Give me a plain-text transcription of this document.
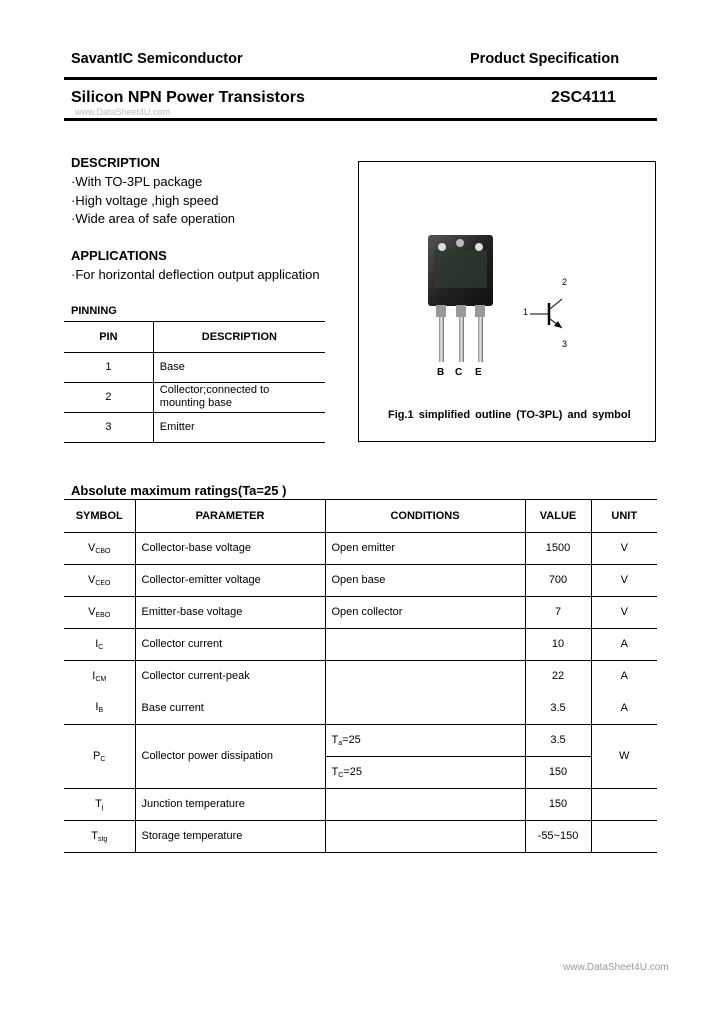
SavantIC Semiconductor	Product Specification
Silicon NPN Power Transistors	2SC4111
www.DataSheet4U.com
DESCRIPTION
·With TO-3PL package
·High voltage ,high speed
·Wide area of safe operation
APPLICATIONS
·For horizontal deflection output application
PINNING
PIN	DESCRIPTION
1	Base
2	Collector;connected to mounting base

3	Emitter
B C E
1
2
3
Fig.1 simplified outline (TO-3PL) and symbol
Absolute maximum ratings(Ta=25 )
SYMBOL	PARAMETER	CONDITIONS	VALUE	UNIT
$V_{CBO}$	Collector-base voltage	Open emitter	1500	V
$V_{CEO}$	Collector-emitter voltage	Open base	700	V
$V_{EBO}$	Emitter-base voltage	Open collector	7	V
$I_C$	Collector current		10	A
$I_{CM}$	Collector current-peak		22	A
$I_B$	Base current		3.5	A
$P_C$	Collector power dissipation	$T_a=25$	3.5	W
		$T_C=25$	150	
$T_j$	Junction temperature		150	
$T_{stg}$	Storage temperature		-55~150	
www.DataSheet4U.com
